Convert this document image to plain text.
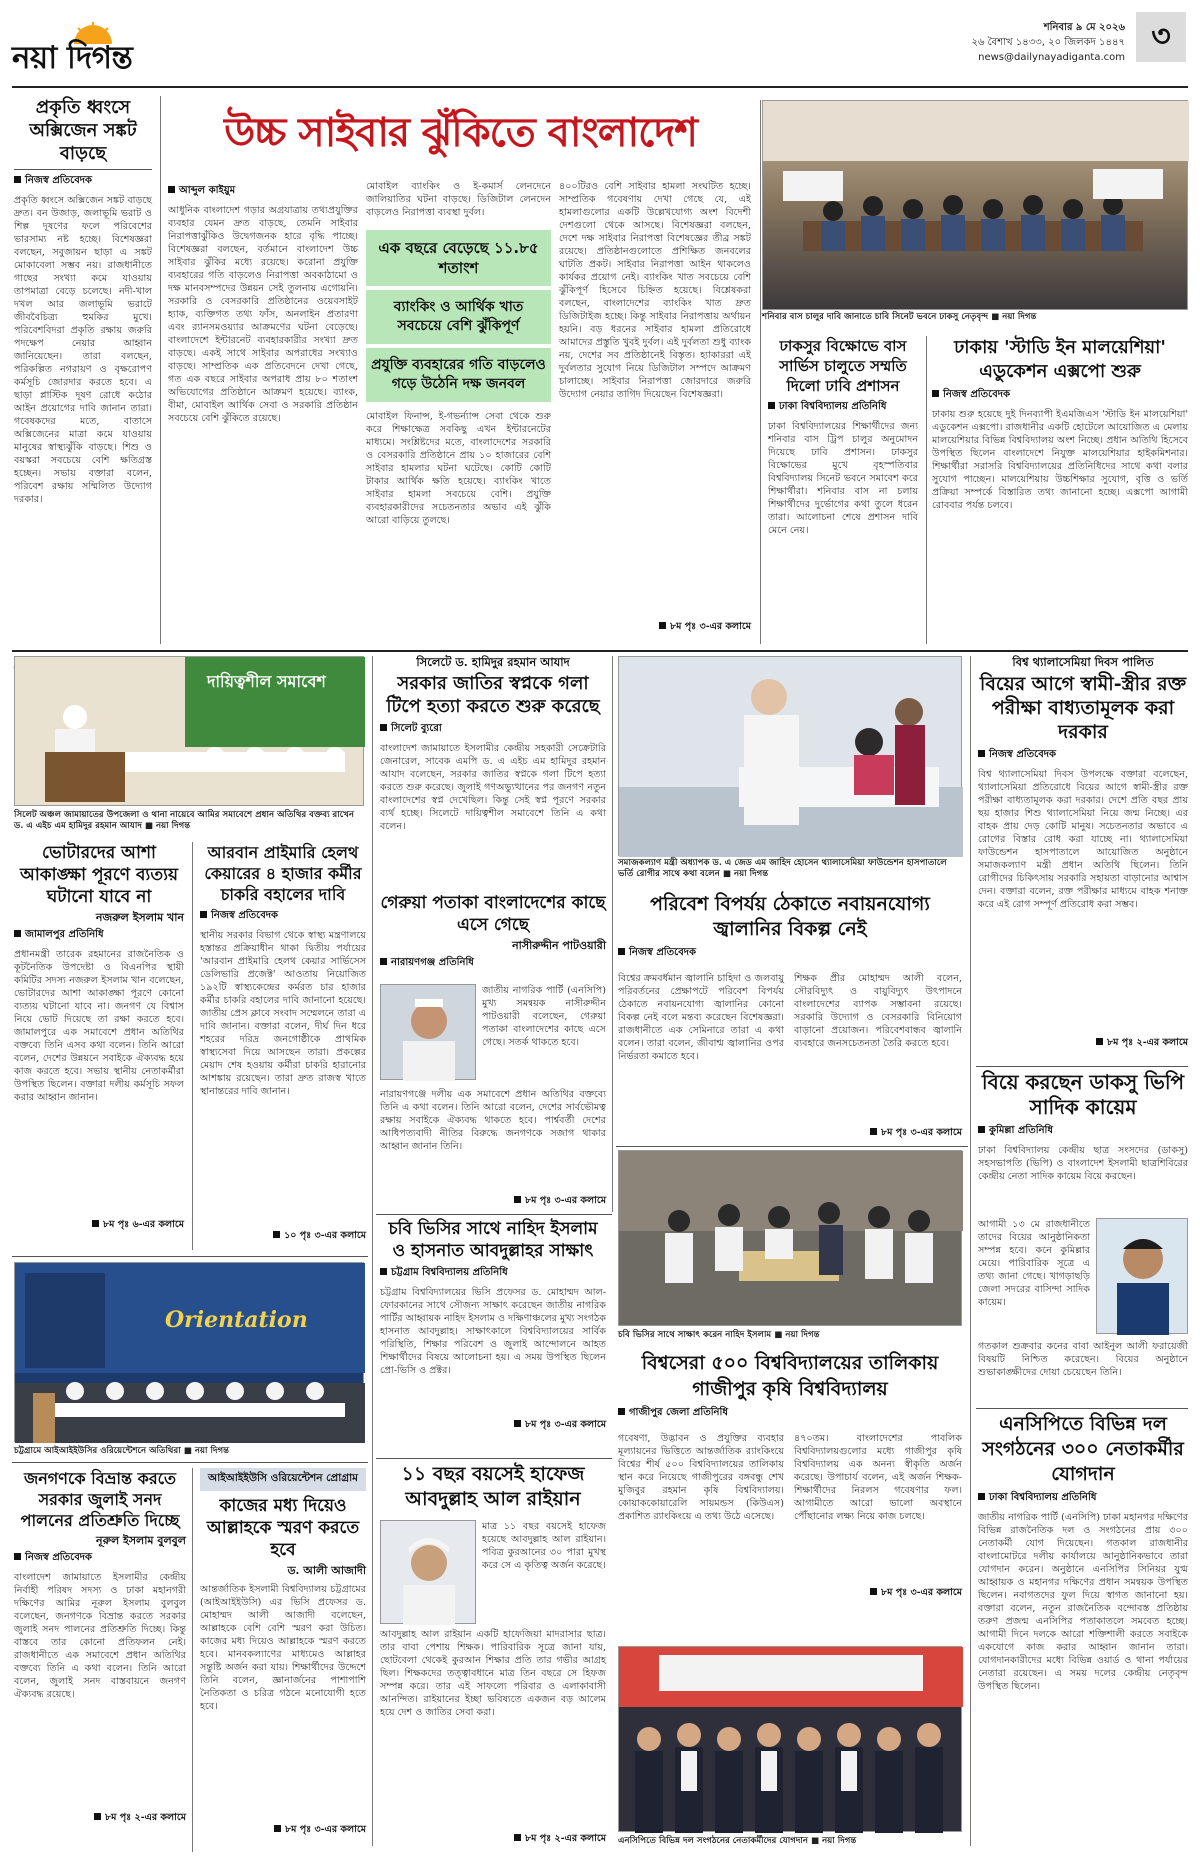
নয়া দিগন্ত
শনিবার ৯ মে ২০২৬
২৬ বৈশাখ ১৪৩৩, ২০ জিলকদ ১৪৪৭
news@dailynayadiganta.com
৩
প্রকৃতি ধ্বংসে অক্সিজেন সঙ্কট বাড়ছে
নিজস্ব প্রতিবেদক
প্রকৃতি ধ্বংসে অক্সিজেন সঙ্কট বাড়ছে দ্রুত। বন উজাড়, জলাভূমি ভরাট ও শিল্প দূষণের ফলে পরিবেশের ভারসাম্য নষ্ট হচ্ছে। বিশেষজ্ঞরা বলছেন, সবুজায়ন ছাড়া এ সঙ্কট মোকাবেলা সম্ভব নয়। রাজধানীতে গাছের সংখ্যা কমে যাওয়ায় তাপমাত্রা বেড়ে চলেছে। নদী-খাল দখল আর জলাভূমি ভরাটে জীববৈচিত্র্য হুমকির মুখে। পরিবেশবিদরা প্রকৃতি রক্ষায় জরুরি পদক্ষেপ নেয়ার আহ্বান জানিয়েছেন। তারা বলছেন, পরিকল্পিত নগরায়ণ ও বৃক্ষরোপণ কর্মসূচি জোরদার করতে হবে। এ ছাড়া প্লাস্টিক দূষণ রোধে কঠোর আইন প্রয়োগের দাবি জানান তারা। গবেষকদের মতে, বাতাসে অক্সিজেনের মাত্রা কমে যাওয়ায় মানুষের স্বাস্থ্যঝুঁকি বাড়ছে। শিশু ও বয়স্করা সবচেয়ে বেশি ক্ষতিগ্রস্ত হচ্ছেন। সভায় বক্তারা বলেন, পরিবেশ রক্ষায় সম্মিলিত উদ্যোগ দরকার।
উচ্চ সাইবার ঝুঁকিতে বাংলাদেশ
আব্দুল কাইয়ুম
আধুনিক বাংলাদেশ গড়ার অগ্রযাত্রায় তথ্যপ্রযুক্তির ব্যবহার যেমন দ্রুত বাড়ছে, তেমনি সাইবার নিরাপত্তাঝুঁকিও উদ্বেগজনক হারে বৃদ্ধি পাচ্ছে। বিশেষজ্ঞরা বলছেন, বর্তমানে বাংলাদেশ উচ্চ সাইবার ঝুঁকির মধ্যে রয়েছে। করোনা প্রযুক্তি ব্যবহারের গতি বাড়লেও নিরাপত্তা অবকাঠামো ও দক্ষ মানবসম্পদের উন্নয়ন সেই তুলনায় এগোয়নি। সরকারি ও বেসরকারি প্রতিষ্ঠানের ওয়েবসাইট হ্যাক, ব্যক্তিগত তথ্য ফাঁস, অনলাইন প্রতারণা এবং র‍্যানসমওয়্যার আক্রমণের ঘটনা বেড়েছে। বাংলাদেশে ইন্টারনেট ব্যবহারকারীর সংখ্যা দ্রুত বাড়ছে। একই সাথে সাইবার অপরাধের সংখ্যাও বাড়ছে। সাম্প্রতিক এক প্রতিবেদনে দেখা গেছে, গত এক বছরে সাইবার অপরাধ প্রায় ৮০ শতাংশ অভিযোগের প্রতিষ্ঠানে আক্রমণ হয়েছে। ব্যাংক, বীমা, মোবাইল আর্থিক সেবা ও সরকারি প্রতিষ্ঠান সবচেয়ে বেশি ঝুঁকিতে রয়েছে।
মোবাইল ব্যাংকিং ও ই-কমার্স লেনদেনে জালিয়াতির ঘটনা বাড়ছে। ডিজিটাল লেনদেন বাড়লেও নিরাপত্তা ব্যবস্থা দুর্বল।
এক বছরে বেড়েছে ১১.৮৫ শতাংশ
ব্যাংকিং ও আর্থিক খাত সবচেয়ে বেশি ঝুঁকিপূর্ণ
প্রযুক্তি ব্যবহারের গতি বাড়লেও গড়ে উঠেনি দক্ষ জনবল
মোবাইল ফিনান্স, ই-গভর্ন্যান্স সেবা থেকে শুরু করে শিক্ষাক্ষেত্র সবকিছু এখন ইন্টারনেটের মাধ্যমে। সংশ্লিষ্টদের মতে, বাংলাদেশের সরকারি ও বেসরকারি প্রতিষ্ঠানে প্রায় ১০ হাজারের বেশি সাইবার হামলার ঘটনা ঘটেছে। কোটি কোটি টাকার আর্থিক ক্ষতি হয়েছে। ব্যাংকিং খাতে সাইবার হামলা সবচেয়ে বেশি। প্রযুক্তি ব্যবহারকারীদের সচেতনতার অভাব এই ঝুঁকি আরো বাড়িয়ে তুলছে।
৪০০টিরও বেশি সাইবার হামলা সংঘটিত হচ্ছে। সাম্প্রতিক গবেষণায় দেখা গেছে যে, এই হামলাগুলোর একটি উল্লেখযোগ্য অংশ বিদেশী দেশগুলো থেকে আসছে। বিশেষজ্ঞরা বলছেন, দেশে দক্ষ সাইবার নিরাপত্তা বিশেষজ্ঞের তীব্র সঙ্কট রয়েছে। প্রতিষ্ঠানগুলোতে প্রশিক্ষিত জনবলের ঘাটতি প্রকট। সাইবার নিরাপত্তা আইন থাকলেও কার্যকর প্রয়োগ নেই। ব্যাংকিং খাত সবচেয়ে বেশি ঝুঁকিপূর্ণ হিসেবে চিহ্নিত হয়েছে। বিশ্লেষকরা বলছেন, বাংলাদেশের ব্যাংকিং খাত দ্রুত ডিজিটাইজ হচ্ছে। কিন্তু সাইবার নিরাপত্তায় অর্থায়ন হয়নি। বড় ধরনের সাইবার হামলা প্রতিরোধে আমাদের প্রস্তুতি খুবই দুর্বল। এই দুর্বলতা শুধু ব্যাংক নয়, দেশের সব প্রতিষ্ঠানেই বিস্তৃত। হ্যাকাররা এই দুর্বলতার সুযোগ নিয়ে ডিজিটাল সম্পদে আক্রমণ চালাচ্ছে। সাইবার নিরাপত্তা জোরদারে জরুরি উদ্যোগ নেয়ার তাগিদ দিয়েছেন বিশেষজ্ঞরা।
৮ম পৃঃ ৩-এর কলামে
শনিবার বাস চালুর দাবি জানাতে চাবি সিনেট ভবনে ঢাকসু নেতৃবৃন্দ ■ নয়া দিগন্ত
ঢাকসুর বিক্ষোভে বাস সার্ভিস চালুতে সম্মতি দিলো ঢাবি প্রশাসন
ঢাকা বিশ্ববিদ্যালয় প্রতিনিধি
ঢাকা বিশ্ববিদ্যালয়ের শিক্ষার্থীদের জন্য শনিবার বাস ট্রিপ চালুর অনুমোদন দিয়েছে ঢাবি প্রশাসন। ঢাকসুর বিক্ষোভের মুখে বৃহস্পতিবার বিশ্ববিদ্যালয় সিনেট ভবনে সমাবেশ করে শিক্ষার্থীরা। শনিবার বাস না চলায় শিক্ষার্থীদের দুর্ভোগের কথা তুলে ধরেন তারা। আলোচনা শেষে প্রশাসন দাবি মেনে নেয়।
ঢাকায় 'স্টাডি ইন মালয়েশিয়া' এডুকেশন এক্সপো শুরু
নিজস্ব প্রতিবেদক
ঢাকায় শুরু হয়েছে দুই দিনব্যাপী ইএমজিএস 'স্টাডি ইন মালয়েশিয়া' এডুকেশন এক্সপো। রাজধানীর একটি হোটেলে আয়োজিত এ মেলায় মালয়েশিয়ার বিভিন্ন বিশ্ববিদ্যালয় অংশ নিচ্ছে। প্রধান অতিথি হিসেবে উপস্থিত ছিলেন বাংলাদেশে নিযুক্ত মালয়েশিয়ার হাইকমিশনার। শিক্ষার্থীরা সরাসরি বিশ্ববিদ্যালয়ের প্রতিনিধিদের সাথে কথা বলার সুযোগ পাচ্ছেন। মালয়েশিয়ায় উচ্চশিক্ষার সুযোগ, বৃত্তি ও ভর্তি প্রক্রিয়া সম্পর্কে বিস্তারিত তথ্য জানানো হচ্ছে। এক্সপো আগামী রোববার পর্যন্ত চলবে।
দায়িত্বশীল সমাবেশ
সিলেট অঞ্চল জামায়াতের উপজেলা ও থানা নায়েবে আমির সমাবেশে প্রধান অতিথির বক্তব্য রাখেন ড. এ এইচ এম হামিদুর রহমান আযাদ ■ নয়া দিগন্ত
সিলেটে ড. হামিদুর রহমান আযাদ
সরকার জাতির স্বপ্নকে গলা টিপে হত্যা করতে শুরু করেছে
সিলেট ব্যুরো
বাংলাদেশ জামায়াতে ইসলামীর কেন্দ্রীয় সহকারী সেক্রেটারি জেনারেল, সাবেক এমপি ড. এ এইচ এম হামিদুর রহমান আযাদ বলেছেন, সরকার জাতির স্বপ্নকে গলা টিপে হত্যা করতে শুরু করেছে। জুলাই গণঅভ্যুত্থানের পর জনগণ নতুন বাংলাদেশের স্বপ্ন দেখেছিল। কিন্তু সেই স্বপ্ন পূরণে সরকার ব্যর্থ হচ্ছে। সিলেটে দায়িত্বশীল সমাবেশে তিনি এ কথা বলেন।
সমাজকল্যাণ মন্ত্রী অধ্যাপক ড. এ জেড এম জাহিদ হোসেন থ্যালাসেমিয়া ফাউন্ডেশন হাসপাতালে ভর্তি রোগীর সাথে কথা বলেন ■ নয়া দিগন্ত
বিশ্ব থ্যালাসেমিয়া দিবস পালিত
বিয়ের আগে স্বামী-স্ত্রীর রক্ত পরীক্ষা বাধ্যতামূলক করা দরকার
নিজস্ব প্রতিবেদক
বিশ্ব থ্যালাসেমিয়া দিবস উপলক্ষে বক্তারা বলেছেন, থ্যালাসেমিয়া প্রতিরোধে বিয়ের আগে স্বামী-স্ত্রীর রক্ত পরীক্ষা বাধ্যতামূলক করা দরকার। দেশে প্রতি বছর প্রায় ছয় হাজার শিশু থ্যালাসেমিয়া নিয়ে জন্ম নিচ্ছে। এর বাহক প্রায় দেড় কোটি মানুষ। সচেতনতার অভাবে এ রোগের বিস্তার রোধ করা যাচ্ছে না। থ্যালাসেমিয়া ফাউন্ডেশন হাসপাতালে আয়োজিত অনুষ্ঠানে সমাজকল্যাণ মন্ত্রী প্রধান অতিথি ছিলেন। তিনি রোগীদের চিকিৎসায় সরকারি সহায়তা বাড়ানোর আশ্বাস দেন। বক্তারা বলেন, রক্ত পরীক্ষার মাধ্যমে বাহক শনাক্ত করে এই রোগ সম্পূর্ণ প্রতিরোধ করা সম্ভব।
৮ম পৃঃ ২-এর কলামে
ভোটারদের আশা আকাঙ্ক্ষা পূরণে ব্যত্যয় ঘটানো যাবে না
নজরুল ইসলাম খান
জামালপুর প্রতিনিধি
প্রধানমন্ত্রী তারেক রহমানের রাজনৈতিক ও কূটনৈতিক উপদেষ্টা ও বিএনপির স্থায়ী কমিটির সদস্য নজরুল ইসলাম খান বলেছেন, ভোটারদের আশা আকাঙ্ক্ষা পূরণে কোনো ব্যত্যয় ঘটানো যাবে না। জনগণ যে বিশ্বাস নিয়ে ভোট দিয়েছে তা রক্ষা করতে হবে। জামালপুরে এক সমাবেশে প্রধান অতিথির বক্তব্যে তিনি এসব কথা বলেন। তিনি আরো বলেন, দেশের উন্নয়নে সবাইকে ঐক্যবদ্ধ হয়ে কাজ করতে হবে। সভায় স্থানীয় নেতাকর্মীরা উপস্থিত ছিলেন। বক্তারা দলীয় কর্মসূচি সফল করার আহ্বান জানান।
৮ম পৃঃ ৬-এর কলামে
আরবান প্রাইমারি হেলথ কেয়ারের ৪ হাজার কর্মীর চাকরি বহালের দাবি
নিজস্ব প্রতিবেদক
স্থানীয় সরকার বিভাগ থেকে স্বাস্থ্য মন্ত্রণালয়ে হস্তান্তর প্রক্রিয়াধীন থাকা দ্বিতীয় পর্যায়ের 'আরবান প্রাইমারি হেলথ কেয়ার সার্ভিসেস ডেলিভারি প্রজেক্ট' আওতায় নিয়োজিত ১৯২টি স্বাস্থ্যকেন্দ্রের কর্মরত চার হাজার কর্মীর চাকরি বহালের দাবি জানানো হয়েছে। জাতীয় প্রেস ক্লাবে সংবাদ সম্মেলনে তারা এ দাবি জানান। বক্তারা বলেন, দীর্ঘ দিন ধরে শহরের দরিদ্র জনগোষ্ঠীকে প্রাথমিক স্বাস্থ্যসেবা দিয়ে আসছেন তারা। প্রকল্পের মেয়াদ শেষ হওয়ায় কর্মীরা চাকরি হারানোর আশঙ্কায় রয়েছেন। তারা দ্রুত রাজস্ব খাতে স্থানান্তরের দাবি জানান।
১০ পৃঃ ৩-এর কলামে
গেরুয়া পতাকা বাংলাদেশের কাছে এসে গেছে
নাসীরুদ্দীন পাটওয়ারী
নারায়ণগঞ্জ প্রতিনিধি
জাতীয় নাগরিক পার্টি (এনসিপি) মুখ্য সমন্বয়ক নাসীরুদ্দীন পাটওয়ারী বলেছেন, গেরুয়া পতাকা বাংলাদেশের কাছে এসে গেছে। সতর্ক থাকতে হবে।
নারায়ণগঞ্জে দলীয় এক সমাবেশে প্রধান অতিথির বক্তব্যে তিনি এ কথা বলেন। তিনি আরো বলেন, দেশের সার্বভৌমত্ব রক্ষায় সবাইকে ঐক্যবদ্ধ থাকতে হবে। পার্শ্ববর্তী দেশের আধিপত্যবাদী নীতির বিরুদ্ধে জনগণকে সজাগ থাকার আহ্বান জানান তিনি।
৮ম পৃঃ ৩-এর কলামে
পরিবেশ বিপর্যয় ঠেকাতে নবায়নযোগ্য জ্বালানির বিকল্প নেই
নিজস্ব প্রতিবেদক
বিশ্বের ক্রমবর্ধমান জ্বালানি চাহিদা ও জলবায়ু পরিবর্তনের প্রেক্ষাপটে পরিবেশ বিপর্যয় ঠেকাতে নবায়নযোগ্য জ্বালানির কোনো বিকল্প নেই বলে মন্তব্য করেছেন বিশেষজ্ঞরা। রাজধানীতে এক সেমিনারে তারা এ কথা বলেন। তারা বলেন, জীবাশ্ম জ্বালানির ওপর নির্ভরতা কমাতে হবে।
শিক্ষক প্রীর মোহাম্মদ আলী বলেন, সৌরবিদ্যুৎ ও বায়ুবিদ্যুৎ উৎপাদনে বাংলাদেশের ব্যাপক সম্ভাবনা রয়েছে। সরকারি উদ্যোগ ও বেসরকারি বিনিয়োগ বাড়ানো প্রয়োজন। পরিবেশবান্ধব জ্বালানি ব্যবহারে জনসচেতনতা তৈরি করতে হবে।
৮ম পৃঃ ৩-এর কলামে
বিয়ে করছেন ডাকসু ভিপি সাদিক কায়েম
কুমিল্লা প্রতিনিধি
ঢাকা বিশ্ববিদ্যালয় কেন্দ্রীয় ছাত্র সংসদের (ডাকসু) সহসভাপতি (ভিপি) ও বাংলাদেশ ইসলামী ছাত্রশিবিরের কেন্দ্রীয় নেতা সাদিক কায়েম বিয়ে করছেন।
আগামী ১৩ মে রাজধানীতে তাদের বিয়ের আনুষ্ঠানিকতা সম্পন্ন হবে। কনে কুমিল্লার মেয়ে। পারিবারিক সূত্রে এ তথ্য জানা গেছে। খাগড়াছড়ি জেলা সদরের বাসিন্দা সাদিক কায়েম।
গতকাল শুক্রবার কনের বাবা আইনুল আলী ফরায়েজী বিষয়টি নিশ্চিত করেছেন। বিয়ের অনুষ্ঠানে শুভাকাঙ্ক্ষীদের দোয়া চেয়েছেন তিনি।
Orientation
চট্টগ্রামে আইআইইউসির ওরিয়েন্টেশনে অতিথিরা ■ নয়া দিগন্ত
চবি ভিসির সাথে নাহিদ ইসলাম ও হাসনাত আবদুল্লাহর সাক্ষাৎ
চট্টগ্রাম বিশ্ববিদ্যালয় প্রতিনিধি
চট্টগ্রাম বিশ্ববিদ্যালয়ের ভিসি প্রফেসর ড. মোহাম্মদ আল-ফোরকানের সাথে সৌজন্য সাক্ষাৎ করেছেন জাতীয় নাগরিক পার্টির আহ্বায়ক নাহিদ ইসলাম ও দক্ষিণাঞ্চলের মুখ্য সংগঠক হাসনাত আবদুল্লাহ। সাক্ষাৎকালে বিশ্ববিদ্যালয়ের সার্বিক পরিস্থিতি, শিক্ষার পরিবেশ ও জুলাই আন্দোলনে আহত শিক্ষার্থীদের বিষয়ে আলোচনা হয়। এ সময় উপস্থিত ছিলেন প্রো-ভিসি ও প্রক্টর।
৮ম পৃঃ ৩-এর কলামে
চবি ভিসির সাথে সাক্ষাৎ করেন নাহিদ ইসলাম ■ নয়া দিগন্ত
বিশ্বসেরা ৫০০ বিশ্ববিদ্যালয়ের তালিকায় গাজীপুর কৃষি বিশ্ববিদ্যালয়
গাজীপুর জেলা প্রতিনিধি
গবেষণা, উদ্ভাবন ও প্রযুক্তির ব্যবহার মূল্যায়নের ভিত্তিতে আন্তর্জাতিক র‍্যাংকিংয়ে বিশ্বের শীর্ষ ৫০০ বিশ্ববিদ্যালয়ের তালিকায় স্থান করে নিয়েছে গাজীপুরের বঙ্গবন্ধু শেখ মুজিবুর রহমান কৃষি বিশ্ববিদ্যালয়। কোয়াককোয়ারেলি সায়মন্ডস (কিউএস) প্রকাশিত র‍্যাংকিংয়ে এ তথ্য উঠে এসেছে।
৪৭০তম। বাংলাদেশের পাবলিক বিশ্ববিদ্যালয়গুলোর মধ্যে গাজীপুর কৃষি বিশ্ববিদ্যালয় এক অনন্য স্বীকৃতি অর্জন করেছে। উপাচার্য বলেন, এই অর্জন শিক্ষক-শিক্ষার্থীদের নিরলস গবেষণার ফল। আগামীতে আরো ভালো অবস্থানে পৌঁছানোর লক্ষ্য নিয়ে কাজ চলছে।
৮ম পৃঃ ৩-এর কলামে
এনসিপিতে বিভিন্ন দল সংগঠনের ৩০০ নেতাকর্মীর যোগদান
ঢাকা বিশ্ববিদ্যালয় প্রতিনিধি
জাতীয় নাগরিক পার্টি (এনসিপি) ঢাকা মহানগর দক্ষিণের বিভিন্ন রাজনৈতিক দল ও সংগঠনের প্রায় ৩০০ নেতাকর্মী যোগ দিয়েছেন। গতকাল রাজধানীর বাংলামোটরে দলীয় কার্যালয়ে আনুষ্ঠানিকভাবে তারা যোগদান করেন। অনুষ্ঠানে এনসিপির সিনিয়র যুগ্ম আহ্বায়ক ও মহানগর দক্ষিণের প্রধান সমন্বয়ক উপস্থিত ছিলেন। নবাগতদের ফুল দিয়ে স্বাগত জানানো হয়। বক্তারা বলেন, নতুন রাজনৈতিক বন্দোবস্ত প্রতিষ্ঠায় তরুণ প্রজন্ম এনসিপির পতাকাতলে সমবেত হচ্ছে। আগামী দিনে দলকে আরো শক্তিশালী করতে সবাইকে একযোগে কাজ করার আহ্বান জানান তারা। যোগদানকারীদের মধ্যে বিভিন্ন ওয়ার্ড ও থানা পর্যায়ের নেতারা রয়েছেন। এ সময় দলের কেন্দ্রীয় নেতৃবৃন্দ উপস্থিত ছিলেন।
জনগণকে বিভ্রান্ত করতে সরকার জুলাই সনদ পালনের প্রতিশ্রুতি দিচ্ছে
নূরুল ইসলাম বুলবুল
নিজস্ব প্রতিবেদক
বাংলাদেশ জামায়াতে ইসলামীর কেন্দ্রীয় নির্বাহী পরিষদ সদস্য ও ঢাকা মহানগরী দক্ষিণের আমির নূরুল ইসলাম বুলবুল বলেছেন, জনগণকে বিভ্রান্ত করতে সরকার জুলাই সনদ পালনের প্রতিশ্রুতি দিচ্ছে। কিন্তু বাস্তবে তার কোনো প্রতিফলন নেই। রাজধানীতে এক সমাবেশে প্রধান অতিথির বক্তব্যে তিনি এ কথা বলেন। তিনি আরো বলেন, জুলাই সনদ বাস্তবায়নে জনগণ ঐক্যবদ্ধ রয়েছে।
৮ম পৃঃ ২-এর কলামে
আইআইইউসি ওরিয়েন্টেশন প্রোগ্রাম
কাজের মধ্য দিয়েও আল্লাহকে স্মরণ করতে হবে
ড. আলী আজাদী
আন্তর্জাতিক ইসলামী বিশ্ববিদ্যালয় চট্টগ্রামের (আইআইইউসি) এর ভিসি প্রফেসর ড. মোহাম্মদ আলী আজাদী বলেছেন, আল্লাহকে বেশি বেশি স্মরণ করা উচিত। কাজের মধ্য দিয়েও আল্লাহকে স্মরণ করতে হবে। মানবকল্যাণের মাধ্যমেও আল্লাহর সন্তুষ্টি অর্জন করা যায়। শিক্ষার্থীদের উদ্দেশে তিনি বলেন, জ্ঞানার্জনের পাশাপাশি নৈতিকতা ও চরিত্র গঠনে মনোযোগী হতে হবে।
৮ম পৃঃ ৩-এর কলামে
১১ বছর বয়সেই হাফেজ আবদুল্লাহ আল রাইয়ান
মাত্র ১১ বছর বয়সেই হাফেজ হয়েছে আবদুল্লাহ আল রাইয়ান। পবিত্র কুরআনের ৩০ পারা মুখস্থ করে সে এ কৃতিত্ব অর্জন করেছে।
আবদুল্লাহ আল রাইয়ান একটি হাফেজিয়া মাদরাসার ছাত্র। তার বাবা পেশায় শিক্ষক। পারিবারিক সূত্রে জানা যায়, ছোটবেলা থেকেই কুরআন শিক্ষার প্রতি তার গভীর আগ্রহ ছিল। শিক্ষকদের তত্ত্বাবধানে মাত্র তিন বছরে সে হিফজ সম্পন্ন করে। তার এই সাফল্যে পরিবার ও এলাকাবাসী আনন্দিত। রাইয়ানের ইচ্ছা ভবিষ্যতে একজন বড় আলেম হয়ে দেশ ও জাতির সেবা করা।
৮ম পৃঃ ২-এর কলামে এনসিপিতে বিভিন্ন দল সংগঠনের নেতাকর্মীদের যোগদান ■ নয়া দিগন্ত
